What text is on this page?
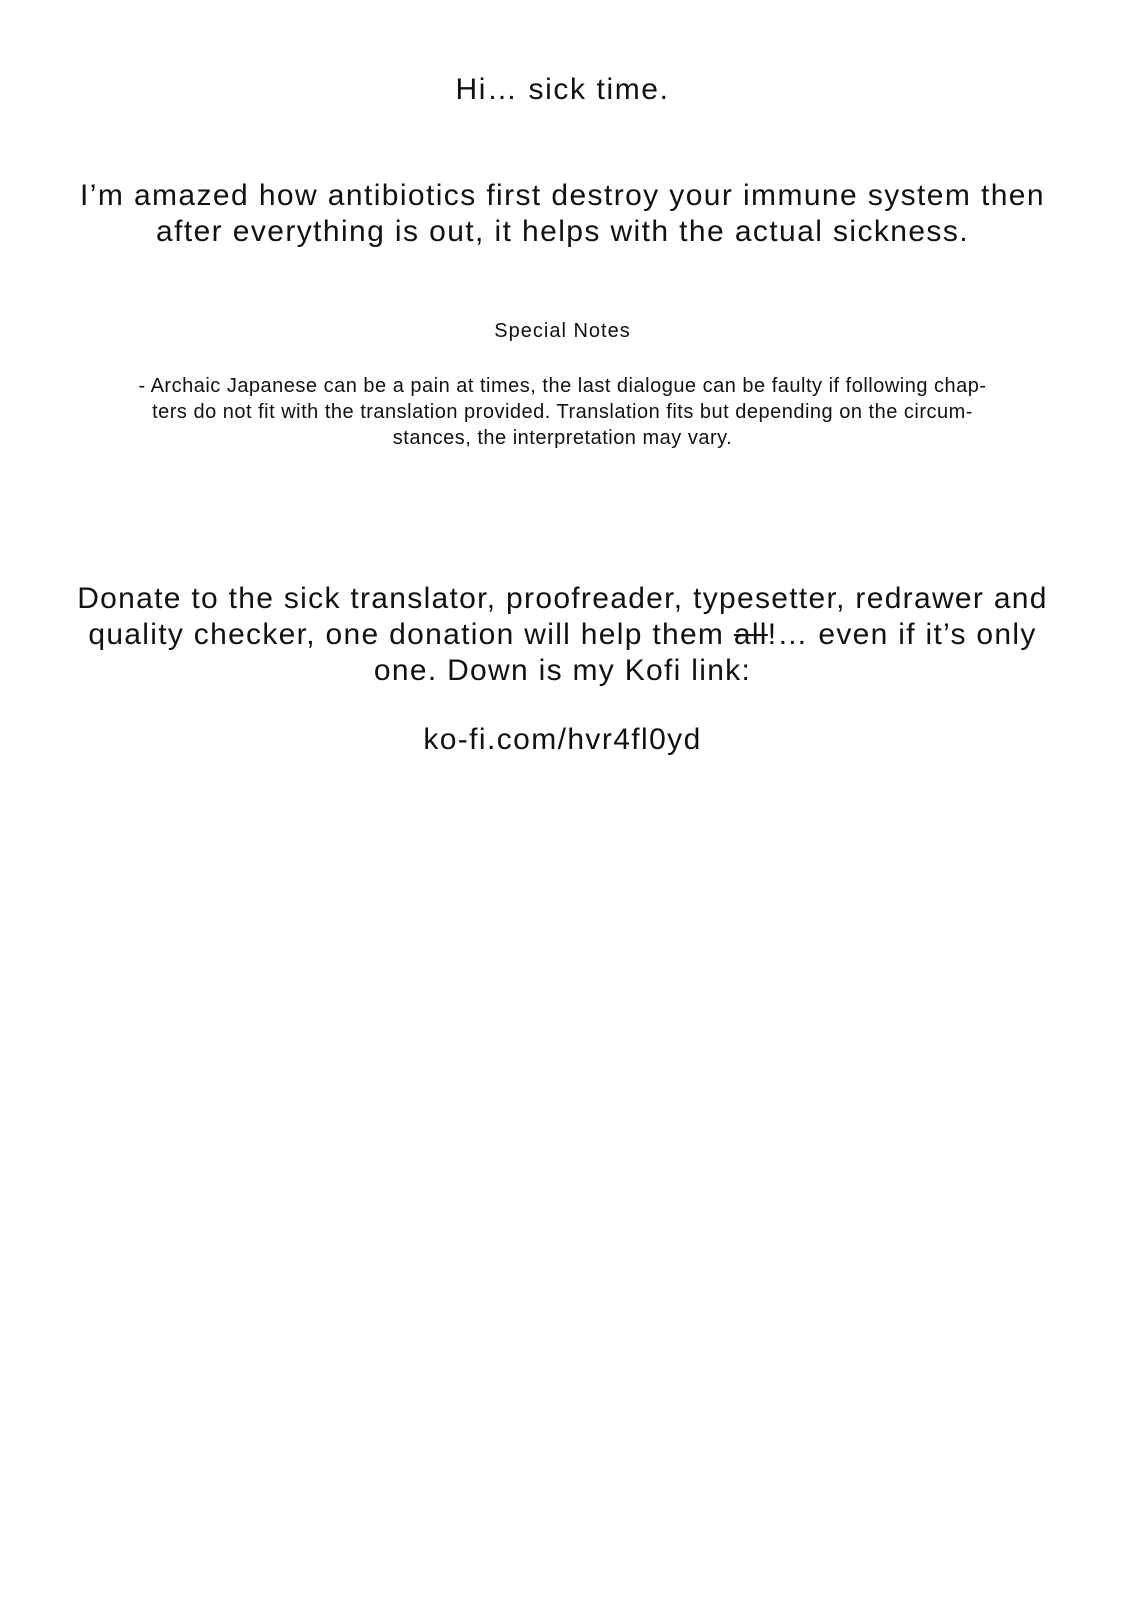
Hi… sick time.
I’m amazed how antibiotics first destroy your immune system then
after everything is out, it helps with the actual sickness.
Special Notes
- Archaic Japanese can be a pain at times, the last dialogue can be faulty if following chap-
ters do not fit with the translation provided. Translation fits but depending on the circum-
stances, the interpretation may vary.
Donate to the sick translator, proofreader, typesetter, redrawer and
quality checker, one donation will help them all!… even if it’s only
one. Down is my Kofi link:
ko-fi.com/hvr4fl0yd
